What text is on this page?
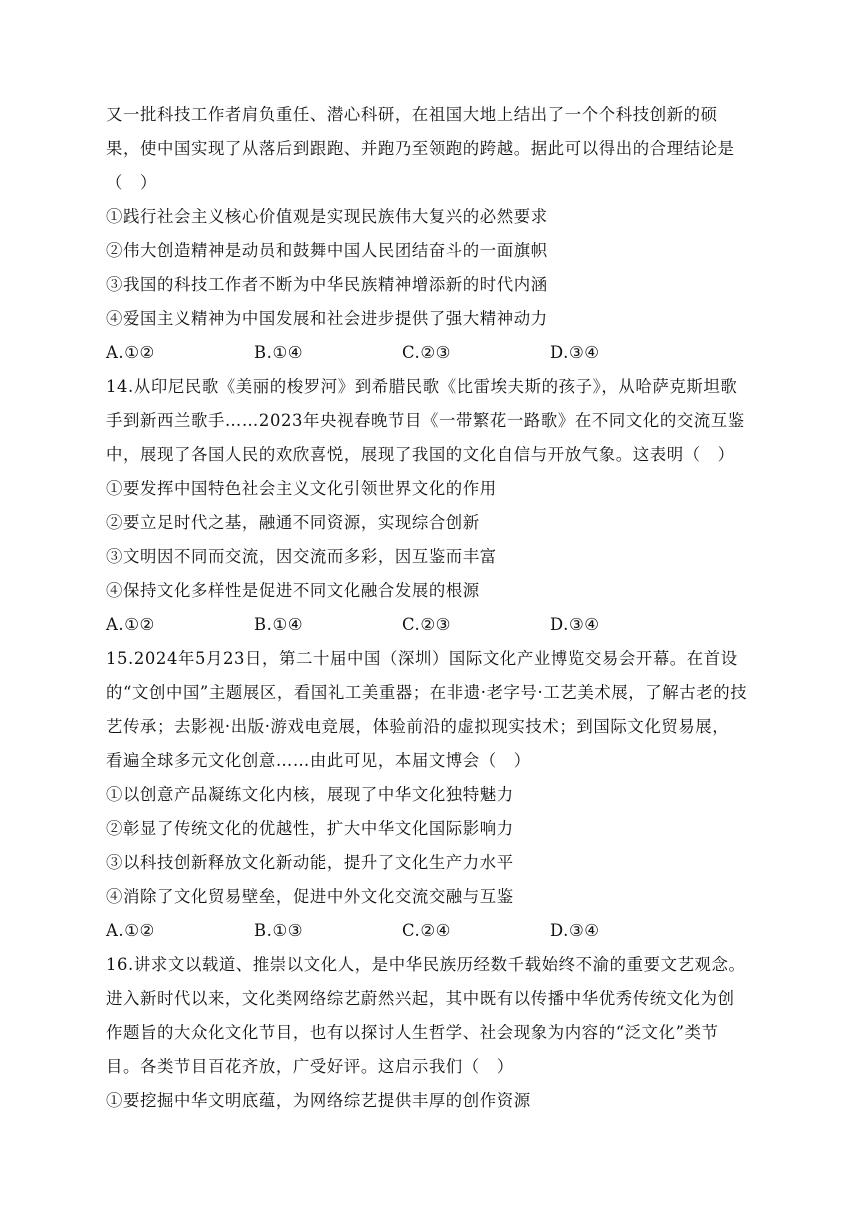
又一批科技工作者肩负重任、潜心科研，在祖国大地上结出了一个个科技创新的硕
果，使中国实现了从落后到跟跑、并跑乃至领跑的跨越。据此可以得出的合理结论是
（　）
①践行社会主义核心价值观是实现民族伟大复兴的必然要求
②伟大创造精神是动员和鼓舞中国人民团结奋斗的一面旗帜
③我国的科技工作者不断为中华民族精神增添新的时代内涵
④爱国主义精神为中国发展和社会进步提供了强大精神动力
A.①②	B.①④	C.②③	D.③④
14.从印尼民歌《美丽的梭罗河》到希腊民歌《比雷埃夫斯的孩子》，从哈萨克斯坦歌
手到新西兰歌手……2023年央视春晚节目《一带繁花一路歌》在不同文化的交流互鉴
中，展现了各国人民的欢欣喜悦，展现了我国的文化自信与开放气象。这表明（　）
①要发挥中国特色社会主义文化引领世界文化的作用
②要立足时代之基，融通不同资源，实现综合创新
③文明因不同而交流，因交流而多彩，因互鉴而丰富
④保持文化多样性是促进不同文化融合发展的根源
A.①②	B.①④	C.②③	D.③④
15.2024年5月23日，第二十届中国（深圳）国际文化产业博览交易会开幕。在首设
的“文创中国”主题展区，看国礼工美重器；在非遗·老字号·工艺美术展，了解古老的技
艺传承；去影视·出版·游戏电竞展，体验前沿的虚拟现实技术；到国际文化贸易展，
看遍全球多元文化创意……由此可见，本届文博会（　）
①以创意产品凝练文化内核，展现了中华文化独特魅力
②彰显了传统文化的优越性，扩大中华文化国际影响力
③以科技创新释放文化新动能，提升了文化生产力水平
④消除了文化贸易壁垒，促进中外文化交流交融与互鉴
A.①②	B.①③	C.②④	D.③④
16.讲求文以载道、推崇以文化人，是中华民族历经数千载始终不渝的重要文艺观念。
进入新时代以来，文化类网络综艺蔚然兴起，其中既有以传播中华优秀传统文化为创
作题旨的大众化文化节目，也有以探讨人生哲学、社会现象为内容的“泛文化”类节
目。各类节目百花齐放，广受好评。这启示我们（　）
①要挖掘中华文明底蕴，为网络综艺提供丰厚的创作资源
